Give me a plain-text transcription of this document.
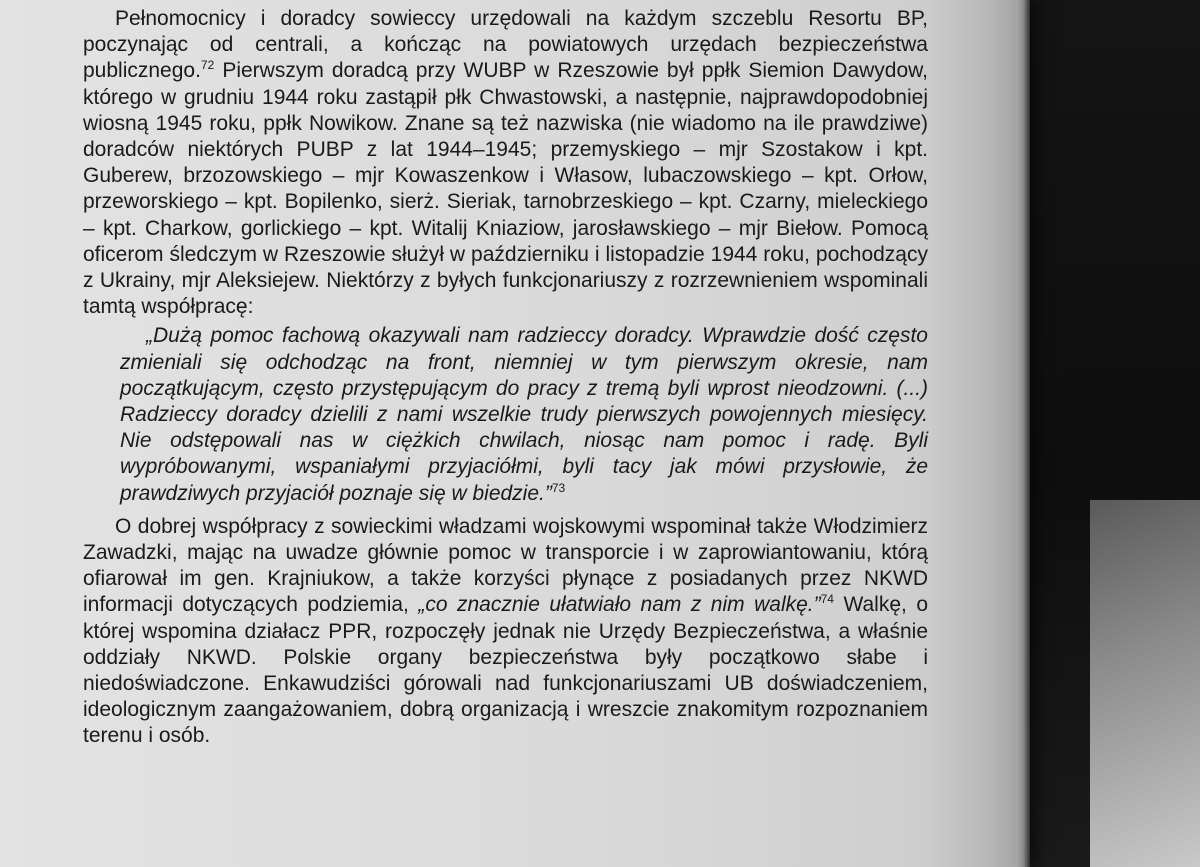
Pełnomocnicy i doradcy sowieccy urzędowali na każdym szczeblu Resortu BP, poczynając od centrali, a kończąc na powiatowych urzędach bezpieczeństwa publicznego.$^{72}$ Pierwszym doradcą przy WUBP w Rzeszowie był ppłk Siemion Dawydow, którego w grudniu 1944 roku zastąpił płk Chwastowski, a następnie, najprawdopodobniej wiosną 1945 roku, ppłk Nowikow. Znane są też nazwiska (nie wiadomo na ile prawdziwe) doradców niektórych PUBP z lat 1944–1945; przemyskiego – mjr Szostakow i kpt. Guberew, brzozowskiego – mjr Kowaszenkow i Własow, lubaczowskiego – kpt. Orłow, przeworskiego – kpt. Bopilenko, sierż. Sieriak, tarnobrzeskiego – kpt. Czarny, mieleckiego – kpt. Charkow, gorlickiego – kpt. Witalij Kniaziow, jarosławskiego – mjr Biełow. Pomocą oficerom śledczym w Rzeszowie służył w październiku i listopadzie 1944 roku, pochodzący z Ukrainy, mjr Aleksiejew. Niektórzy z byłych funkcjonariuszy z rozrzewnieniem wspominali tamtą współpracę:

„Dużą pomoc fachową okazywali nam radzieccy doradcy. Wprawdzie dość często zmieniali się odchodząc na front, niemniej w tym pierwszym okresie, nam początkującym, często przystępującym do pracy z tremą byli wprost nieodzowni. (...) Radzieccy doradcy dzielili z nami wszelkie trudy pierwszych powojennych miesięcy. Nie odstępowali nas w ciężkich chwilach, niosąc nam pomoc i radę. Byli wypróbowanymi, wspaniałymi przyjaciółmi, byli tacy jak mówi przysłowie, że prawdziwych przyjaciół poznaje się w biedzie.”$^{73}$

O dobrej współpracy z sowieckimi władzami wojskowymi wspominał także Włodzimierz Zawadzki, mając na uwadze głównie pomoc w transporcie i w zaprowiantowaniu, którą ofiarował im gen. Krajniukow, a także korzyści płynące z posiadanych przez NKWD informacji dotyczących podziemia, „co znacznie ułatwiało nam z nim walkę.”$^{74}$ Walkę, o której wspomina działacz PPR, rozpoczęły jednak nie Urzędy Bezpieczeństwa, a właśnie oddziały NKWD. Polskie organy bezpieczeństwa były początkowo słabe i niedoświadczone. Enkawudziści górowali nad funkcjonariuszami UB doświadczeniem, ideologicznym zaangażowaniem, dobrą organizacją i wreszcie znakomitym rozpoznaniem terenu i osób.
